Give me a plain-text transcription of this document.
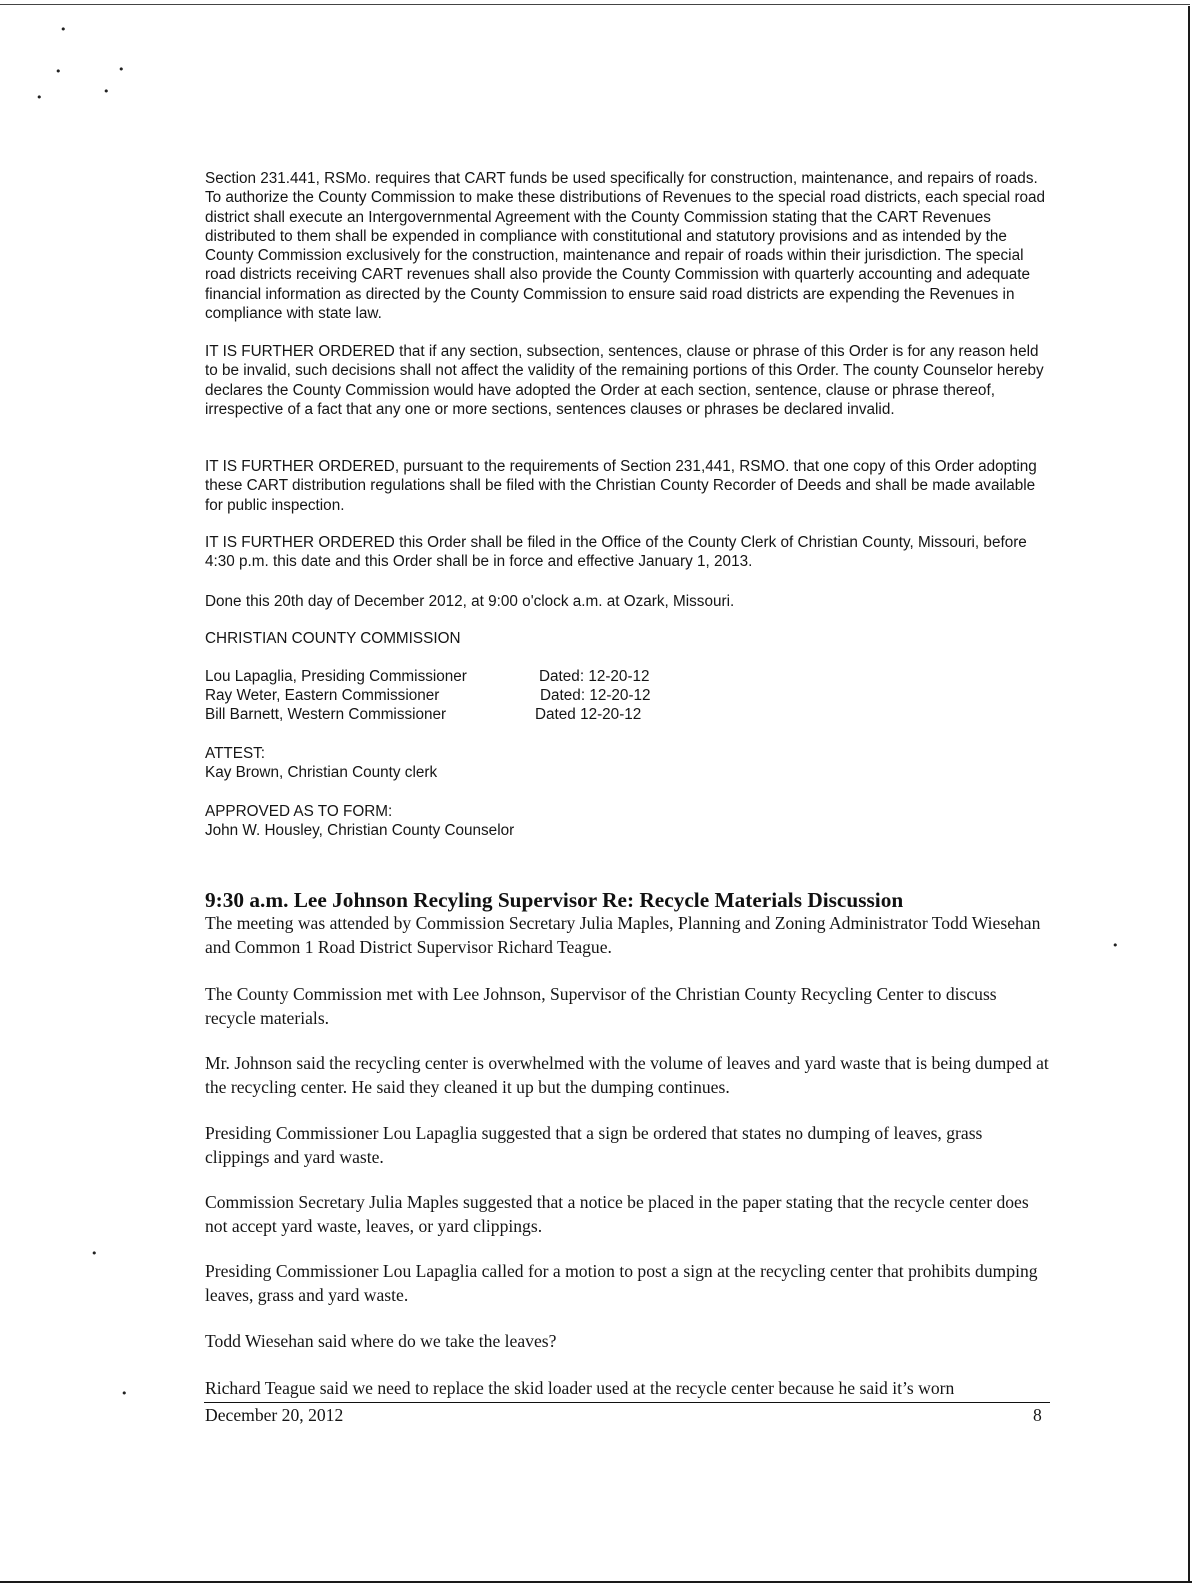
•
•	•
•	•
•
•
•

Section 231.441, RSMo. requires that CART funds be used specifically for construction, maintenance, and repairs of roads. To authorize the County Commission to make these distributions of Revenues to the special road districts, each special road district shall execute an Intergovernmental Agreement with the County Commission stating that the CART Revenues distributed to them shall be expended in compliance with constitutional and statutory provisions and as intended by the County Commission exclusively for the construction, maintenance and repair of roads within their jurisdiction. The special road districts receiving CART revenues shall also provide the County Commission with quarterly accounting and adequate financial information as directed by the County Commission to ensure said road districts are expending the Revenues in compliance with state law.

IT IS FURTHER ORDERED that if any section, subsection, sentences, clause or phrase of this Order is for any reason held to be invalid, such decisions shall not affect the validity of the remaining portions of this Order. The county Counselor hereby declares the County Commission would have adopted the Order at each section, sentence, clause or phrase thereof, irrespective of a fact that any one or more sections, sentences clauses or phrases be declared invalid.

IT IS FURTHER ORDERED, pursuant to the requirements of Section 231,441, RSMO. that one copy of this Order adopting these CART distribution regulations shall be filed with the Christian County Recorder of Deeds and shall be made available for public inspection.

IT IS FURTHER ORDERED this Order shall be filed in the Office of the County Clerk of Christian County, Missouri, before 4:30 p.m. this date and this Order shall be in force and effective January 1, 2013.

Done this 20th day of December 2012, at 9:00 o'clock a.m. at Ozark, Missouri.

CHRISTIAN COUNTY COMMISSION

Lou Lapaglia, Presiding Commissioner	Dated: 12-20-12
Ray Weter, Eastern Commissioner	Dated: 12-20-12
Bill Barnett, Western Commissioner	Dated 12-20-12

ATTEST:

Kay Brown, Christian County clerk

APPROVED AS TO FORM:

John W. Housley, Christian County Counselor

9:30 a.m. Lee Johnson Recyling Supervisor Re: Recycle Materials Discussion

The meeting was attended by Commission Secretary Julia Maples, Planning and Zoning Administrator Todd Wiesehan and Common 1 Road District Supervisor Richard Teague.

The County Commission met with Lee Johnson, Supervisor of the Christian County Recycling Center to discuss recycle materials.

Mr. Johnson said the recycling center is overwhelmed with the volume of leaves and yard waste that is being dumped at the recycling center. He said they cleaned it up but the dumping continues.

Presiding Commissioner Lou Lapaglia suggested that a sign be ordered that states no dumping of leaves, grass clippings and yard waste.

Commission Secretary Julia Maples suggested that a notice be placed in the paper stating that the recycle center does not accept yard waste, leaves, or yard clippings.

Presiding Commissioner Lou Lapaglia called for a motion to post a sign at the recycling center that prohibits dumping leaves, grass and yard waste.

Todd Wiesehan said where do we take the leaves?

Richard Teague said we need to replace the skid loader used at the recycle center because he said it’s worn

December 20, 2012	8
